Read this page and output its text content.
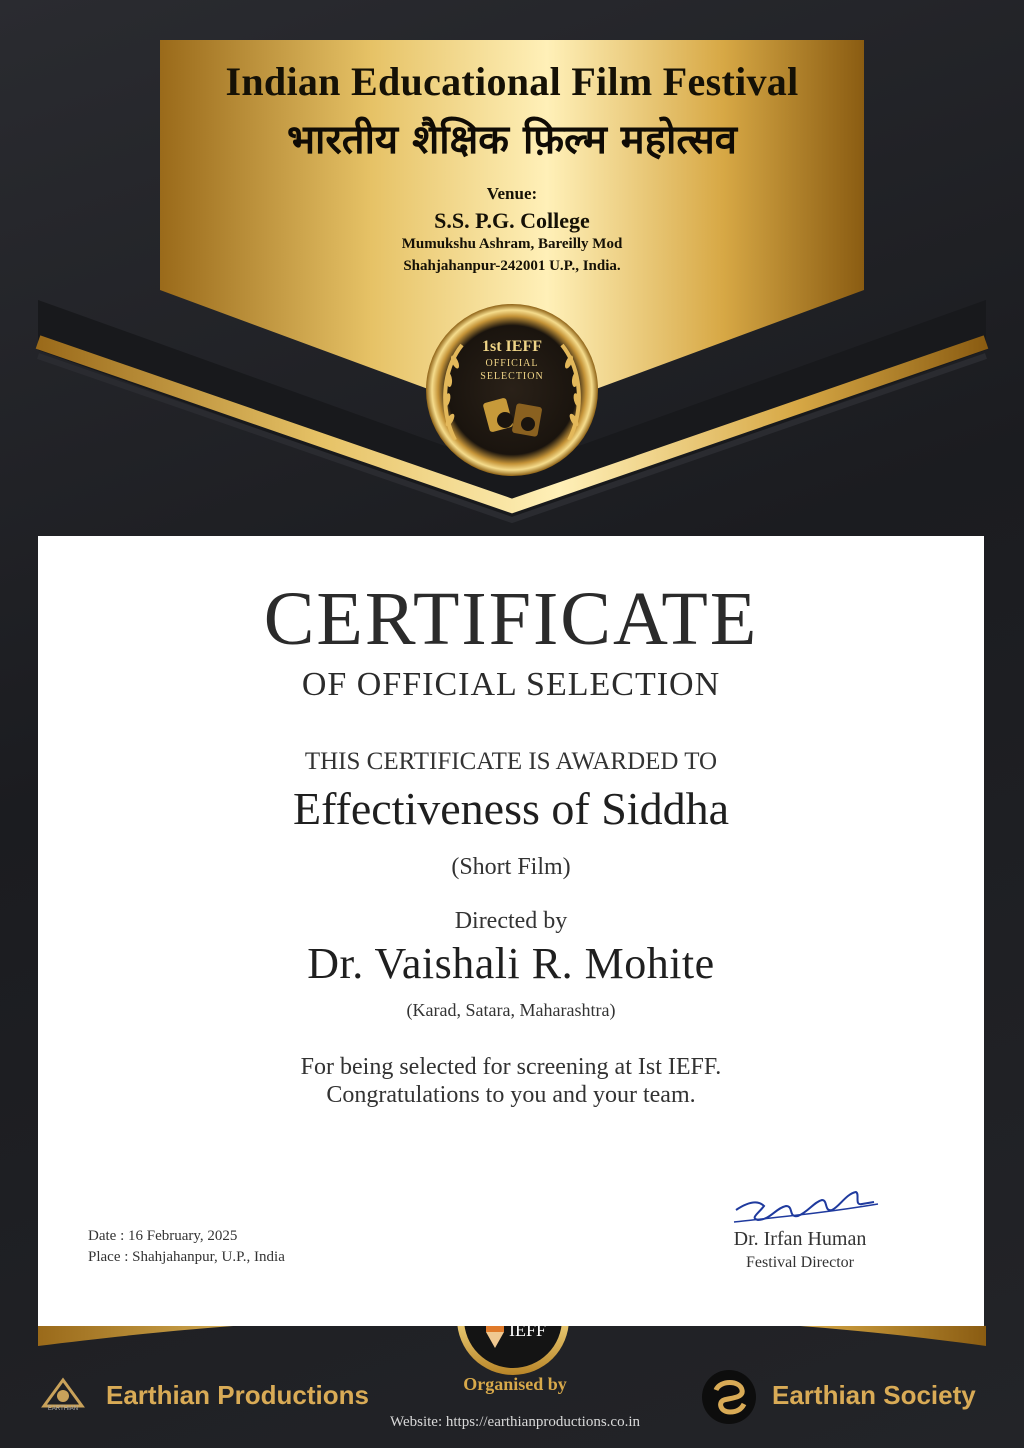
Indian Educational Film Festival
भारतीय शैक्षिक फ़िल्म महोत्सव
Venue:
S.S. P.G. College
Mumukshu Ashram, Bareilly Mod
Shahjahanpur-242001 U.P., India.
1st IEFF
OFFICIAL
SELECTION
CERTIFICATE
OF OFFICIAL SELECTION
THIS CERTIFICATE IS AWARDED TO
Effectiveness of Siddha
(Short Film)
Directed by
Dr. Vaishali R. Mohite
(Karad, Satara, Maharashtra)
For being selected for screening at Ist IEFF.
Congratulations to you and your team.
Date : 16 February, 2025
Place : Shahjahanpur, U.P., India
Dr. Irfan Human
Festival Director
1st
IEFF
Organised by
Website: https://earthianproductions.co.in
EARTHIAN	Earthian Productions	Earthian Society
